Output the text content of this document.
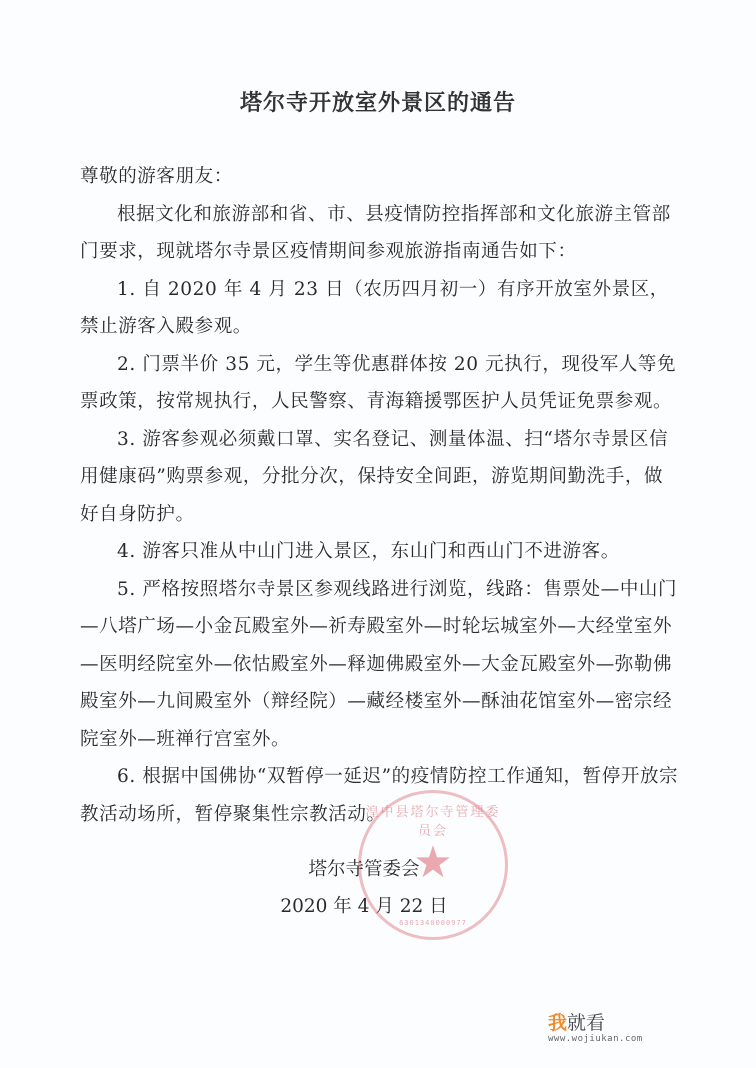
塔尔寺开放室外景区的通告

尊敬的游客朋友：

根据文化和旅游部和省、市、县疫情防控指挥部和文化旅游主管部门要求，现就塔尔寺景区疫情期间参观旅游指南通告如下：

1. 自 2020 年 4 月 23 日（农历四月初一）有序开放室外景区，禁止游客入殿参观。

2. 门票半价 35 元，学生等优惠群体按 20 元执行，现役军人等免票政策，按常规执行，人民警察、青海籍援鄂医护人员凭证免票参观。

3. 游客参观必须戴口罩、实名登记、测量体温、扫“塔尔寺景区信用健康码”购票参观，分批分次，保持安全间距，游览期间勤洗手，做好自身防护。

4. 游客只准从中山门进入景区，东山门和西山门不进游客。

5. 严格按照塔尔寺景区参观线路进行浏览，线路：售票处—中山门—八塔广场—小金瓦殿室外—祈寿殿室外—时轮坛城室外—大经堂室外—医明经院室外—依怙殿室外—释迦佛殿室外—大金瓦殿室外—弥勒佛殿室外—九间殿室外（辩经院）—藏经楼室外—酥油花馆室外—密宗经院室外—班禅行宫室外。

6. 根据中国佛协“双暂停一延迟”的疫情防控工作通知，暂停开放宗教活动场所，暂停聚集性宗教活动。

湟中县塔尔寺管理委员会
★
6301340000977
塔尔寺管委会
2020 年 4 月 22 日
我就看
www.wojiukan.com
